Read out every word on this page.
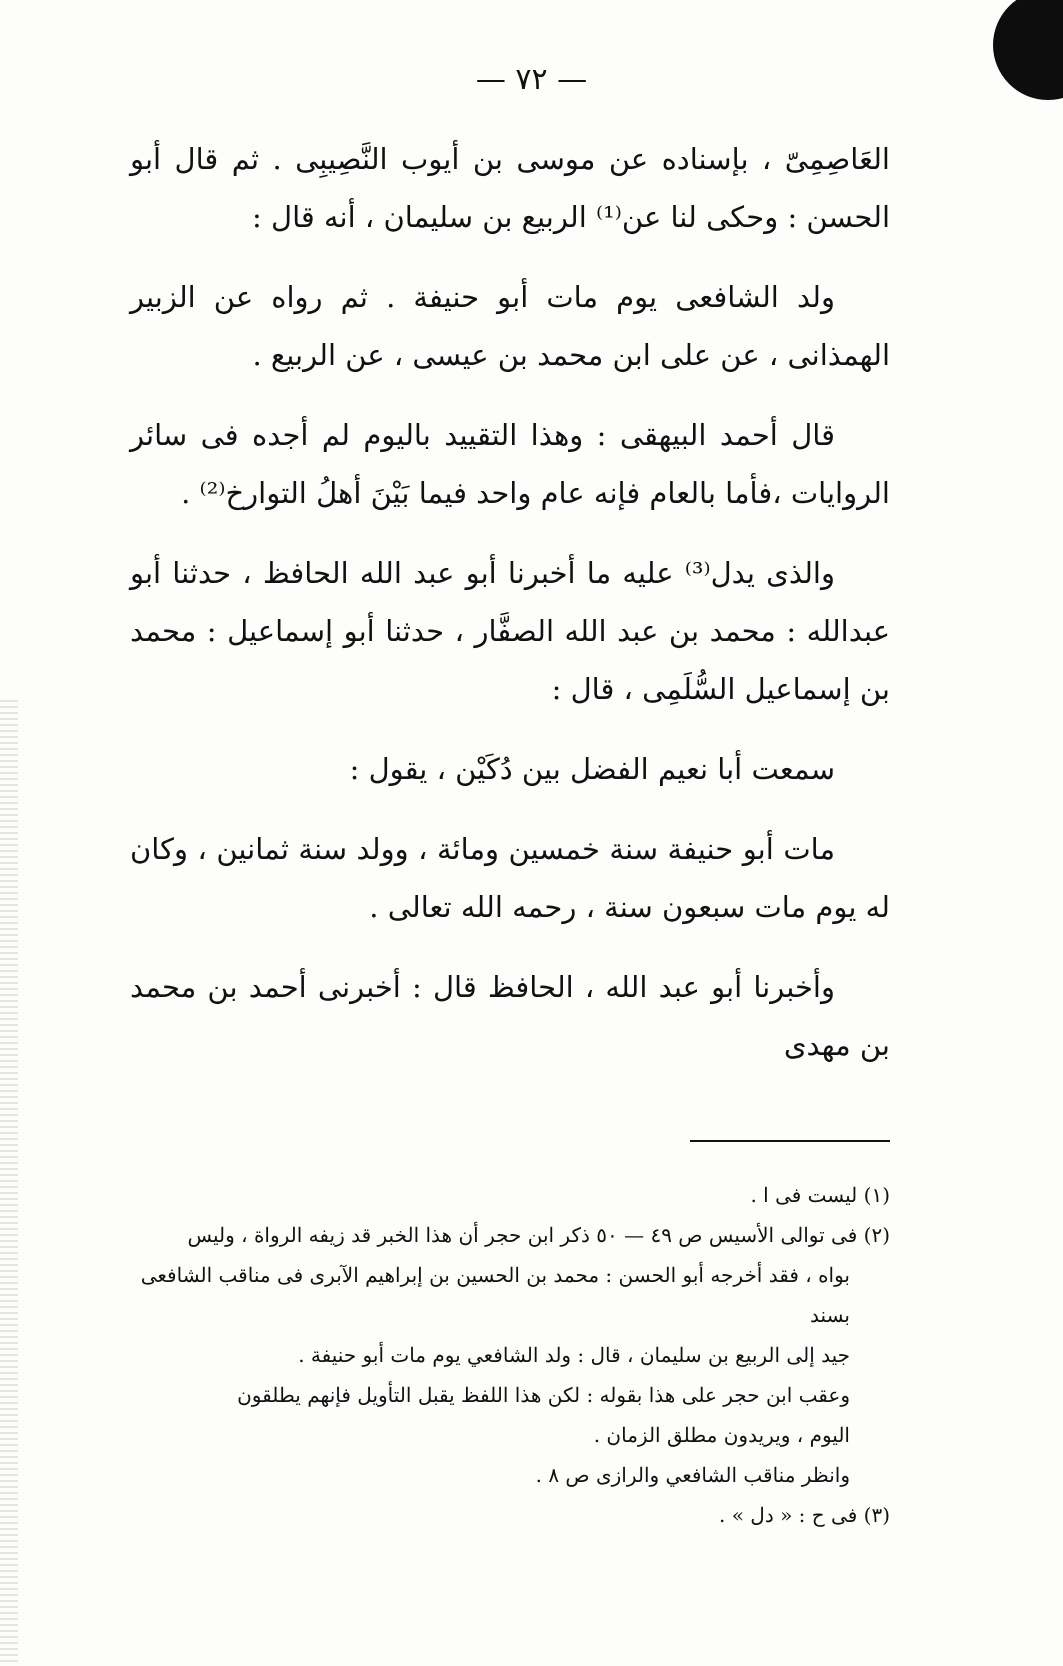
— ٧٢ —

العَاصِمِىّ ، بإسناده عن موسى بن أيوب النَّصِيبِى . ثم قال أبو الحسن : وحكى لنا عن⁽¹⁾ الربيع بن سليمان ، أنه قال :

ولد الشافعى يوم مات أبو حنيفة . ثم رواه عن الزبير الهمذانى ، عن على ابن محمد بن عيسى ، عن الربيع .

قال أحمد البيهقى : وهذا التقييد باليوم لم أجده فى سائر الروايات ،فأما بالعام فإنه عام واحد فيما بَيْنَ أهلُ التوارخ⁽²⁾ .

والذى يدل⁽³⁾ عليه ما أخبرنا أبو عبد الله الحافظ ، حدثنا أبو عبدالله : محمد بن عبد الله الصفَّار ، حدثنا أبو إسماعيل : محمد بن إسماعيل السُّلَمِى ، قال :

سمعت أبا نعيم الفضل بين دُكَيْن ، يقول :

مات أبو حنيفة سنة خمسين ومائة ، وولد سنة ثمانين ، وكان له يوم مات سبعون سنة ، رحمه الله تعالى .

وأخبرنا أبو عبد الله ، الحافظ قال : أخبرنى أحمد بن محمد بن مهدى

(١) ليست فى ا .

(٢) فى توالى الأسيس ص ٤٩ — ٥٠ ذكر ابن حجر أن هذا الخبر قد زيفه الرواة ، وليس

بواه ، فقد أخرجه أبو الحسن : محمد بن الحسين بن إبراهيم الآبرى فى مناقب الشافعى بسند

جيد إلى الربيع بن سليمان ، قال : ولد الشافعي يوم مات أبو حنيفة .

وعقب ابن حجر على هذا بقوله : لكن هذا اللفظ يقبل التأويل فإنهم يطلقون

اليوم ، ويريدون مطلق الزمان .

وانظر مناقب الشافعي والرازى ص ٨ .

(٣) فى ح : « دل » .
